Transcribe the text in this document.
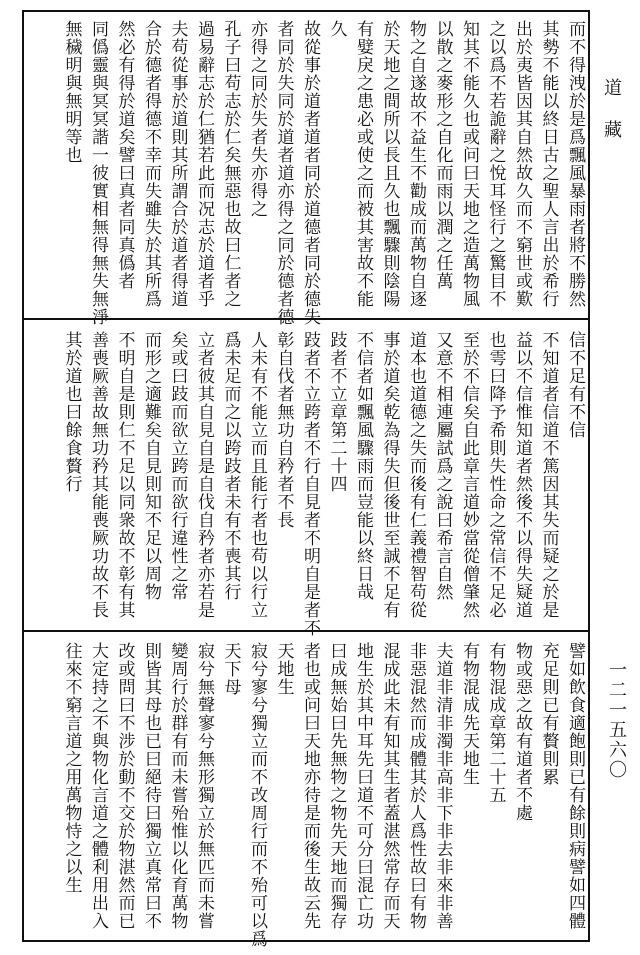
而不得洩於是爲飄風暴雨者將不勝然
其勢不能以終日古之聖人言出於希行
出於夷皆因其自然故久而不窮世或歎
之以爲不若詭辭之悅耳怪行之驚目不
知其不能久也或问曰天地之造萬物風
以散之麥形之自化而雨以潤之任萬
物之自遂故不益生不勸成而萬物自逐
於天地之間所以長且久也飄驟則陰陽
有嬖戾之患必或使之而被其害故不能
久
故從事於道者道者同於道德者同於德失
者同於失同於道者道亦得之同於德者德
亦得之同於失者失亦得之
孔子曰苟志於仁矣無惡也故曰仁者之
過易辭志於仁猶若此而况志於道者乎
夫苟從事於道則其所謂合於道者得道
合於德者得德不幸而失雖失於其所爲
然必有得於道矣譬曰真者同真僞者
同僞靈與冥冥諧一彼實相無得無失無淨
無穢明與無明等也
信不足有不信
不知道者信道不篤因其失而疑之於是
益以不信惟知道者然後不以得失疑道
也雩曰降予希則失性命之常信不足必
至於不信矣自此章言道妙當從僧肇然
又意不相連屬試爲之說曰希言自然
道本也道德之失而後有仁義禮智苟從
事於道矣乾為得失但後世至誠不足有
不信者如飄風驟雨而豈能以終日哉
跂者不立章第二十四
跂者不立跨者不行自見者不明自是者不
彰自伐者無功自矜者不長
人未有不能立而且能行者也苟以行立
爲未足而之以跨跂者未有不喪其行
立者彼其自見自是自伐自矜者亦若是
矣或曰跂而欲立跨而欲行違性之常
而形之適難矣自見則知不足以周物
不明自是則仁不足以同衆故不彰有其
善喪厥善故無功矜其能喪厥功故不長
其於道也曰餘食贅行
譬如飲食適飽則已有餘則病譬如四體
充足則已有贅則累
物或惡之故有道者不處
有物混成章第二十五
有物混成先天地生
夫道非清非濁非高非下非去非來非善
非惡混然而成體其於人爲性故曰有物
混成此未有知其生者蓋湛然常存而天
地生於其中耳先曰道不可分曰混亡功
曰成無始曰先無物之物先天地而獨存
者也或问曰天地亦待是而後生故云先
天地生
寂兮寥兮獨立而不改周行而不殆可以爲
天下母
寂兮無聲寥兮無形獨立於無匹而未嘗
變周行於群有而未嘗殆惟以化育萬物
則皆其母也已曰絕待曰獨立真常曰不
改或問曰不涉於動不交於物湛然而已
大定持之不與物化言道之體利用出入
往來不窮言道之用萬物恃之以生
道藏
一二一五六〇
